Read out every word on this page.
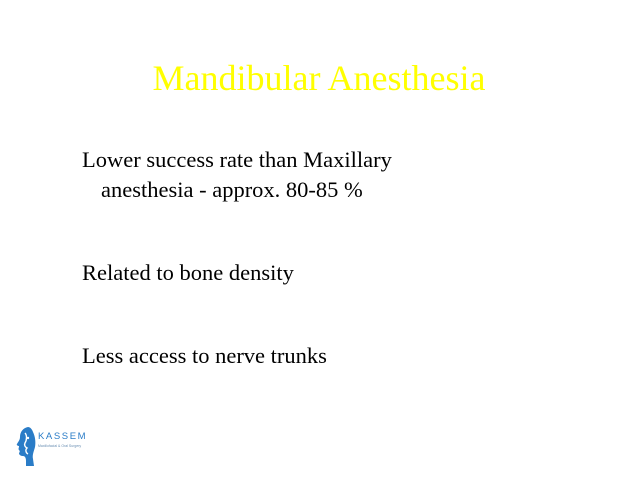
Mandibular Anesthesia

Lower success rate than Maxillary
anesthesia - approx. 80-85 %

Related to bone density

Less access to nerve trunks

KASSEM
Maxillofacial & Oral Surgery
